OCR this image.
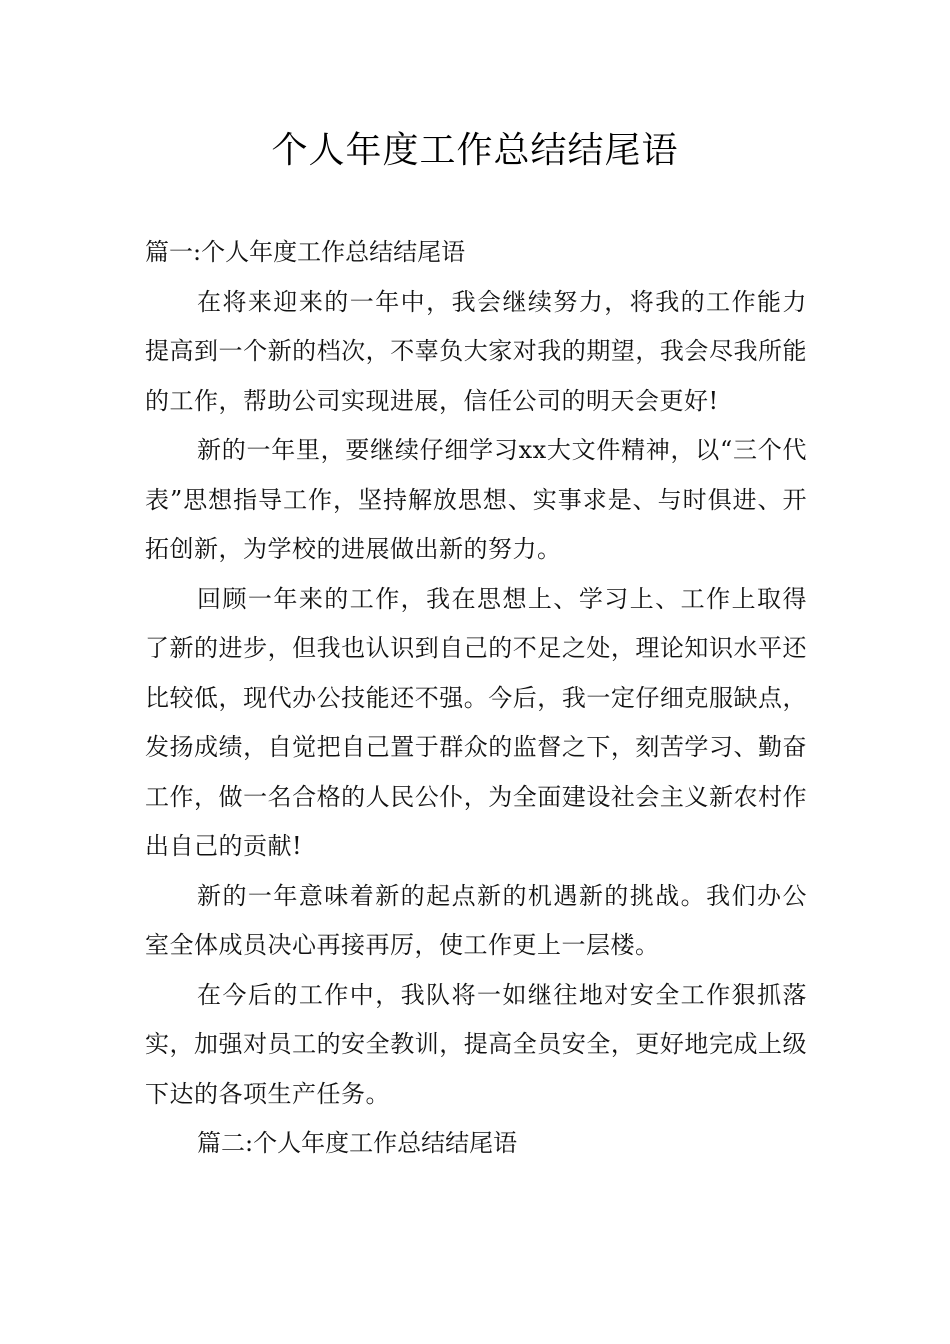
个人年度工作总结结尾语

篇一:个人年度工作总结结尾语

在将来迎来的一年中，我会继续努力，将我的工作能力提高到一个新的档次，不辜负大家对我的期望，我会尽我所能的工作，帮助公司实现进展，信任公司的明天会更好!

新的一年里，要继续仔细学习xx大文件精神，以“三个代表”思想指导工作，坚持解放思想、实事求是、与时俱进、开拓创新，为学校的进展做出新的努力。

回顾一年来的工作，我在思想上、学习上、工作上取得了新的进步，但我也认识到自己的不足之处，理论知识水平还比较低，现代办公技能还不强。今后，我一定仔细克服缺点，发扬成绩，自觉把自己置于群众的监督之下，刻苦学习、勤奋工作，做一名合格的人民公仆，为全面建设社会主义新农村作出自己的贡献!

新的一年意味着新的起点新的机遇新的挑战。我们办公室全体成员决心再接再厉，使工作更上一层楼。

在今后的工作中，我队将一如继往地对安全工作狠抓落实，加强对员工的安全教训，提高全员安全，更好地完成上级下达的各项生产任务。

篇二:个人年度工作总结结尾语
